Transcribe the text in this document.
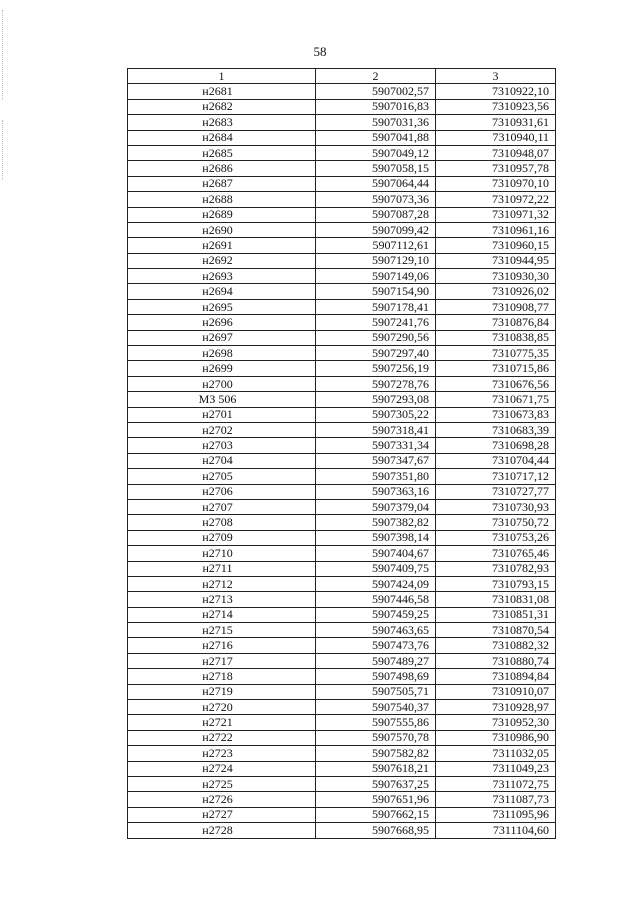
58
1	2	3
н2681	5907002,57	7310922,10
н2682	5907016,83	7310923,56
н2683	5907031,36	7310931,61
н2684	5907041,88	7310940,11
н2685	5907049,12	7310948,07
н2686	5907058,15	7310957,78
н2687	5907064,44	7310970,10
н2688	5907073,36	7310972,22
н2689	5907087,28	7310971,32
н2690	5907099,42	7310961,16
н2691	5907112,61	7310960,15
н2692	5907129,10	7310944,95
н2693	5907149,06	7310930,30
н2694	5907154,90	7310926,02
н2695	5907178,41	7310908,77
н2696	5907241,76	7310876,84
н2697	5907290,56	7310838,85
н2698	5907297,40	7310775,35
н2699	5907256,19	7310715,86
н2700	5907278,76	7310676,56
МЗ 506	5907293,08	7310671,75
н2701	5907305,22	7310673,83
н2702	5907318,41	7310683,39
н2703	5907331,34	7310698,28
н2704	5907347,67	7310704,44
н2705	5907351,80	7310717,12
н2706	5907363,16	7310727,77
н2707	5907379,04	7310730,93
н2708	5907382,82	7310750,72
н2709	5907398,14	7310753,26
н2710	5907404,67	7310765,46
н2711	5907409,75	7310782,93
н2712	5907424,09	7310793,15
н2713	5907446,58	7310831,08
н2714	5907459,25	7310851,31
н2715	5907463,65	7310870,54
н2716	5907473,76	7310882,32
н2717	5907489,27	7310880,74
н2718	5907498,69	7310894,84
н2719	5907505,71	7310910,07
н2720	5907540,37	7310928,97
н2721	5907555,86	7310952,30
н2722	5907570,78	7310986,90
н2723	5907582,82	7311032,05
н2724	5907618,21	7311049,23
н2725	5907637,25	7311072,75
н2726	5907651,96	7311087,73
н2727	5907662,15	7311095,96
н2728	5907668,95	7311104,60
